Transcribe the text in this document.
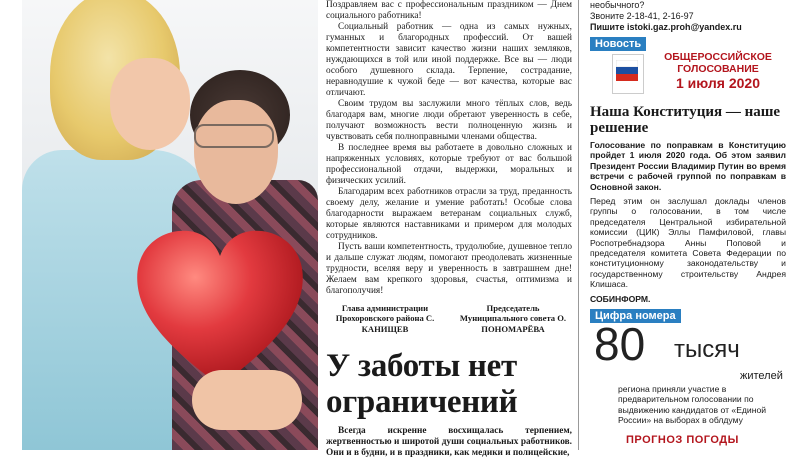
Поздравляем вас с профессиональным праздником — Днем социального работника!

Социальный работник — одна из самых нужных, гуманных и благородных профессий. От вашей компетентности зависит качество жизни наших земляков, нуждающихся в той или иной поддержке. Все вы — люди особого душевного склада. Терпение, сострадание, неравнодушие к чужой беде — вот качества, которые вас отличают.

Своим трудом вы заслужили много тёплых слов, ведь благодаря вам, многие люди обретают уверенность в себе, получают возможность вести полноценную жизнь и чувствовать себя полноправными членами общества.

В последнее время вы работаете в довольно сложных и напряженных условиях, которые требуют от вас большой профессиональной отдачи, выдержки, моральных и физических усилий.

Благодарим всех работников отрасли за труд, преданность своему делу, желание и умение работать! Особые слова благодарности выражаем ветеранам социальных служб, которые являются наставниками и примером для молодых сотрудников.

Пусть ваши компетентность, трудолюбие, душевное тепло и дальше служат людям, помогают преодолевать жизненные трудности, вселяя веру и уверенность в завтрашнем дне! Желаем вам крепкого здоровья, счастья, оптимизма и благополучия!

Глава администрации Прохоровского района С. КАНИЩЕВ
Председатель Муниципального совета О. ПОНОМАРЁВА
У заботы нет ограничений

Всегда искренне восхищалась терпением, жертвенностью и широтой души социальных работников. Они и в будни, и в праздники, как медики и полицейские,

необычного?
Звоните 2-18-41, 2-16-97
Пишите istoki.gaz.proh@yandex.ru
Новость
ОБЩЕРОССИЙСКОЕ ГОЛОСОВАНИЕ
1 июля 2020
Наша Конституция — наше решение

Голосование по поправкам в Конституцию пройдет 1 июля 2020 года. Об этом заявил Президент России Владимир Путин во время встречи с рабочей группой по поправкам в Основной закон.

Перед этим он заслушал доклады членов группы о голосовании, в том числе председателя Центральной избирательной комиссии (ЦИК) Эллы Памфиловой, главы Роспотребнадзора Анны Поповой и председателя комитета Совета Федерации по конституционному законодательству и государственному строительству Андрея Клишаса.

СОБИНФОРМ.

Цифра номера
80 тысяч
жителей
региона приняли участие в предварительном голосовании по выдвижению кандидатов от «Единой России» на выборах в облдуму
ПРОГНОЗ ПОГОДЫ
